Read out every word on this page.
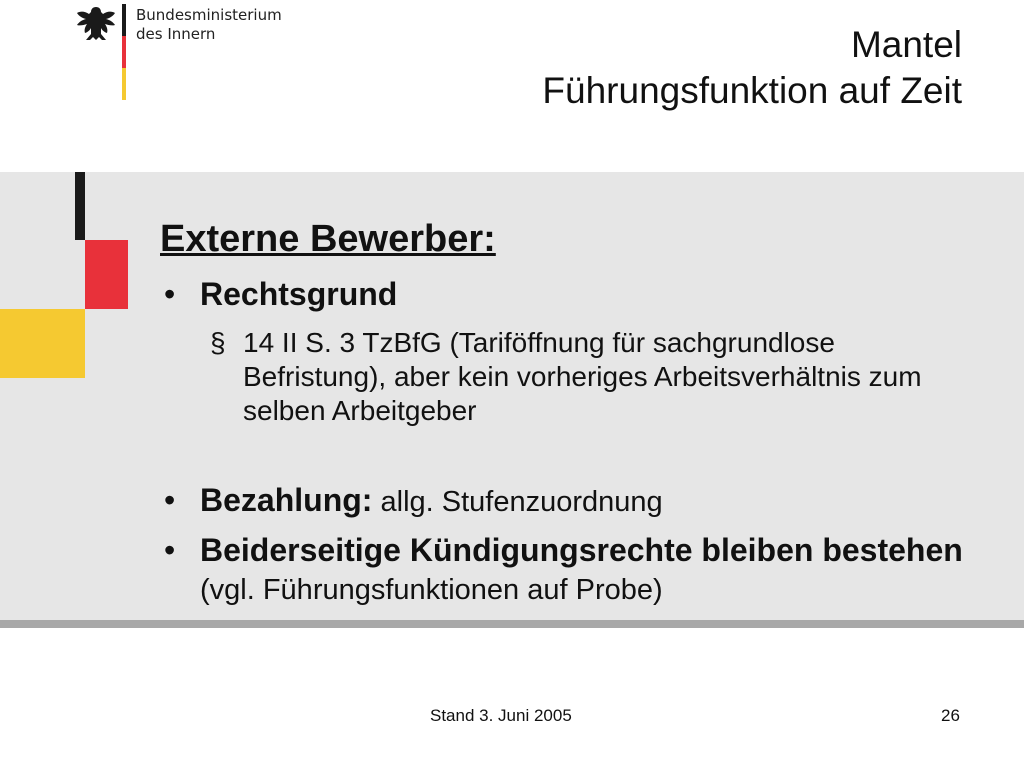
Bundesministerium
des Innern	Mantel
Führungsfunktion auf Zeit
Externe Bewerber:
• Rechtsgrund
§ 14 II S. 3 TzBfG (Tariföffnung für sachgrundlose Befristung), aber kein vorheriges Arbeitsverhältnis zum selben Arbeitgeber
• Bezahlung: allg. Stufenzuordnung
• Beiderseitige Kündigungsrechte bleiben bestehen (vgl. Führungsfunktionen auf Probe)
Stand 3. Juni 2005	26
